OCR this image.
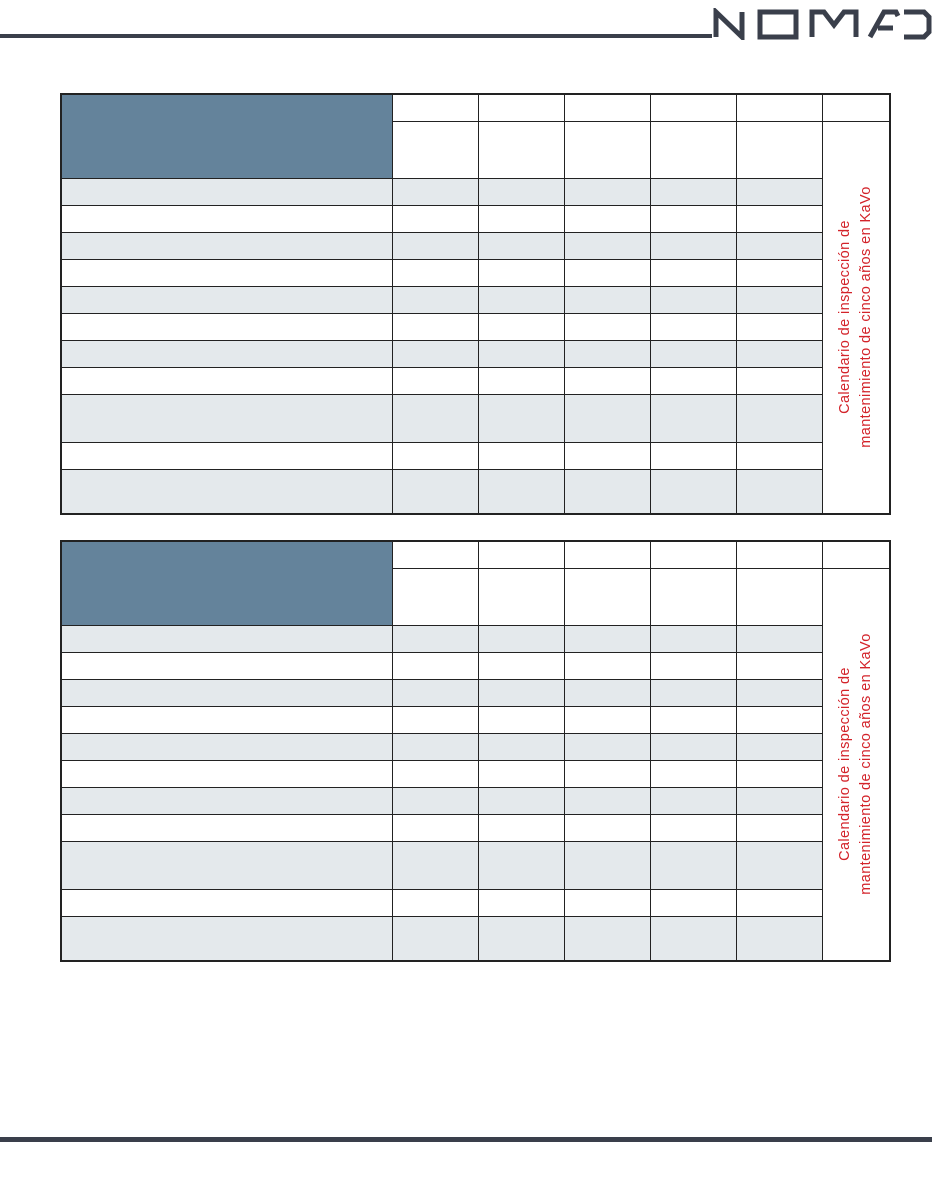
						Calendario de inspección de mantenimiento de cinco años en KaVo

						Calendario de inspección de mantenimiento de cinco años en KaVo
